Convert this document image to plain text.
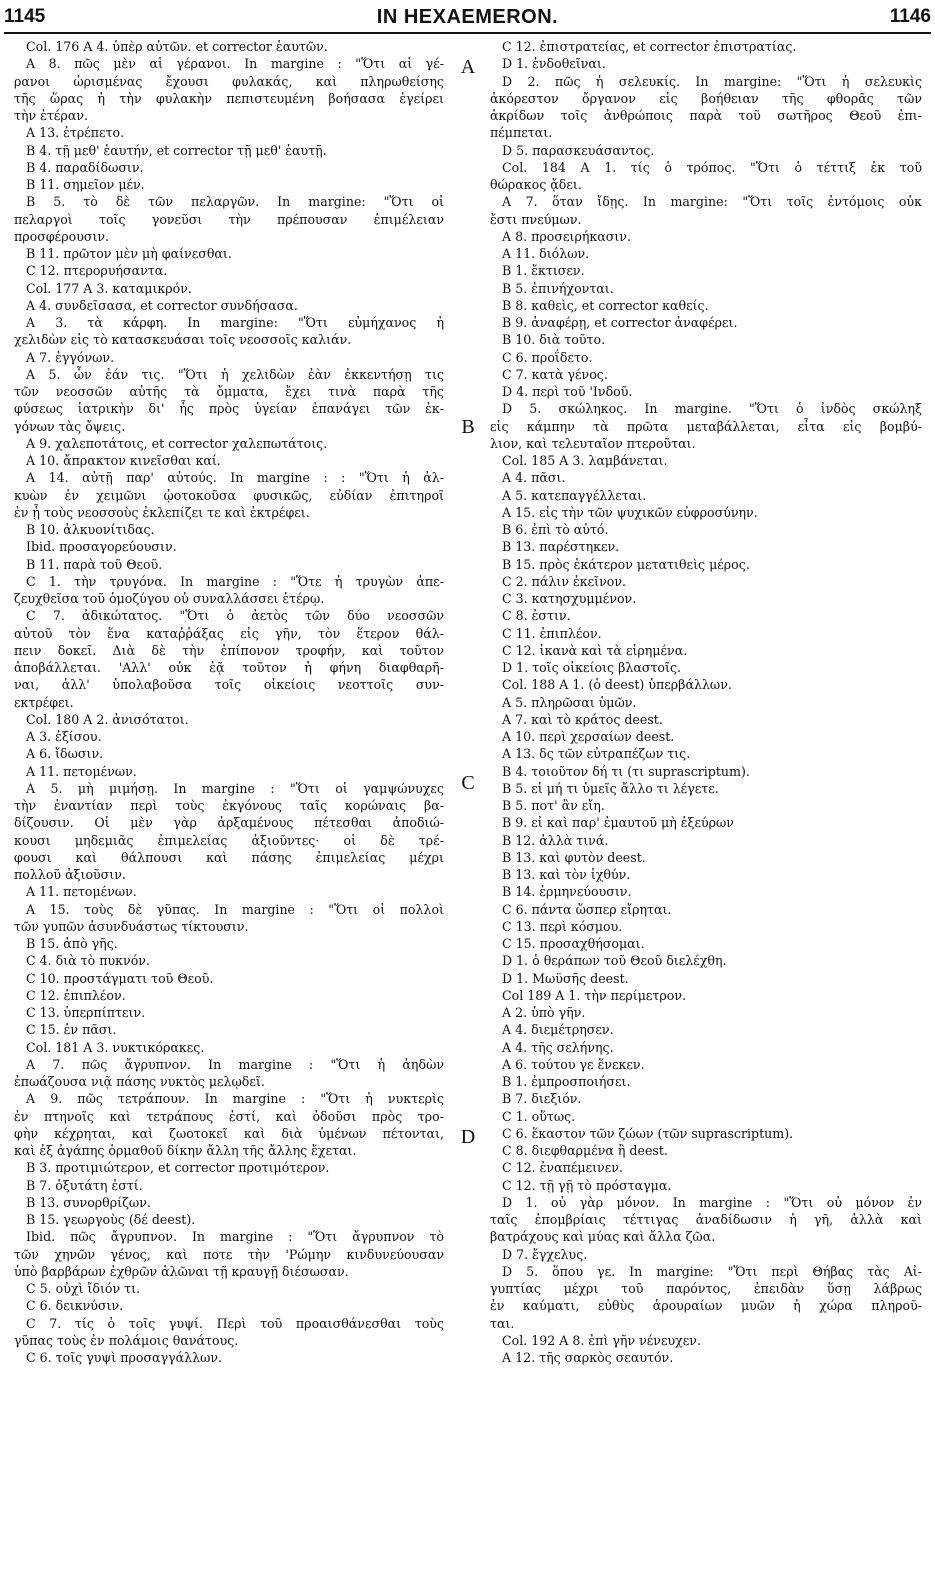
1145	IN HEXAEMERON.	1146
Col. 176 A 4. ὑπὲρ αὐτῶν. et corrector ἑαυτῶν.
A 8. πῶς μὲν αἱ γέρανοι. In margine : "Ὅτι αἱ γέ-
ρανοι ὡρισμένας ἔχουσι φυλακάς, καὶ πληρωθείσης
τῆς ὥρας ἡ τὴν φυλακὴν πεπιστευμένη βοήσασα ἐγείρει
τὴν ἑτέραν.
A 13. ἐτρέπετο.
B 4. τῇ μεθ' ἑαυτήν, et corrector τῇ μεθ' ἑαυτῇ.
B 4. παραδίδωσιν.
B 11. σημεῖον μέν.
B 5. τὸ δὲ τῶν πελαργῶν. In margine: "Ὅτι οἱ
πελαργοὶ τοῖς γονεῦσι τὴν πρέπουσαν ἐπιμέλειαν
προσφέρουσιν.
B 11. πρῶτον μὲν μὴ φαίνεσθαι.
C 12. πτερορυήσαντα.
Col. 177 A 3. καταμικρόν.
A 4. συνδεῖσασα, et corrector συνδήσασα.
A 3. τὰ κάρφη. In margine: "Ὅτι εὐμήχανος ἡ
χελιδὼν εἰς τὸ κατασκευάσαι τοῖς νεοσσοῖς καλιάν.
A 7. ἐγγόνων.
A 5. ὧν ἐάν τις. "Ὅτι ἡ χελιδὼν ἐὰν ἐκκεντήσῃ τις
τῶν νεοσσῶν αὐτῆς τὰ ὄμματα, ἔχει τινὰ παρὰ τῆς
φύσεως ἰατρικὴν δι' ἧς πρὸς ὑγείαν ἐπανάγει τῶν ἐκ-
γόνων τὰς ὄψεις.
A 9. χαλεποτάτοις, et corrector χαλεπωτάτοις.
A 10. ἄπρακτον κινεῖσθαι καί.
A 14. αὐτῇ παρ' αὐτούς. In margine : : "Ὅτι ἡ ἀλ-
κυὼν ἐν χειμῶνι ᾠοτοκοῦσα φυσικῶς, εὐδίαν ἐπιτηροῖ
ἐν ᾗ τοὺς νεοσσοὺς ἐκλεπίζει τε καὶ ἐκτρέφει.
B 10. ἀλκυονίτιδας.
Ibid. προσαγορεύουσιν.
B 11. παρὰ τοῦ Θεοῦ.
C 1. τὴν τρυγόνα. In margine : "Ὅτε ἡ τρυγὼν ἀπε-
ζευχθεῖσα τοῦ ὁμοζύγου οὐ συναλλάσσει ἑτέρῳ.
C 7. ἀδικώτατος. "Ὅτι ὁ ἀετὸς τῶν δύο νεοσσῶν
αὐτοῦ τὸν ἕνα καταῤῥάξας εἰς γῆν, τὸν ἕτερον θάλ-
πειν δοκεῖ. Διὰ δὲ τὴν ἐπίπονον τροφήν, καὶ τοῦτον
ἀποβάλλεται. 'Αλλ' οὐκ ἐᾷ τοῦτον ἡ φήνη διαφθαρῆ-
ναι, ἀλλ' ὑπολαβοῦσα τοῖς οἰκείοις νεοττοῖς συν-
εκτρέφει.
Col. 180 A 2. ἀνισότατοι.
A 3. ἐξίσου.
A 6. ἴδωσιν.
A 11. πετομένων.
A 5. μὴ μιμήσῃ. In margine : "Ὅτι οἱ γαμψώνυχες
τὴν ἐναντίαν περὶ τοὺς ἐκγόνους ταῖς κορώναις βα-
δίζουσιν. Οἱ μὲν γὰρ ἀρξαμένους πέτεσθαι ἀποδιώ-
κουσι μηδεμιᾶς ἐπιμελείας ἀξιοῦντες· οἱ δὲ τρέ-
φουσι καὶ θάλπουσι καὶ πάσης ἐπιμελείας μέχρι
πολλοῦ ἀξιοῦσιν.
A 11. πετομένων.
A 15. τοὺς δὲ γῦπας. In margine : "Ὅτι οἱ πολλοὶ
τῶν γυπῶν ἀσυνδυάστως τίκτουσιν.
B 15. ἀπὸ γῆς.
C 4. διὰ τὸ πυκνόν.
C 10. προστάγματι τοῦ Θεοῦ.
C 12. ἐπιπλέον.
C 13. ὑπερπίπτειν.
C 15. ἐν πᾶσι.
Col. 181 A 3. νυκτικόρακες.
A 7. πῶς ἄγρυπνον. In margine : "Ὅτι ἡ ἀηδὼν
ἐπωάζουσα νιᾷ πάσης νυκτὸς μελῳδεῖ.
A 9. πῶς τετράπουν. In margine : "Ὅτι ἡ νυκτερὶς
ἐν πτηνοῖς καὶ τετράπους ἐστί, καὶ ὀδοῦσι πρὸς τρο-
φὴν κέχρηται, καὶ ζωοτοκεῖ καὶ διὰ ὑμένων πέτονται,
καὶ ἐξ ἀγάπης ὁρμαθοῦ δίκην ἄλλη τῆς ἄλλης ἔχεται.
B 3. προτιμιώτερον, et corrector προτιμότερον.
B 7. ὀξυτάτη ἐστί.
B 13. συνορθρίζων.
B 15. γεωργοὺς (δέ deest).
Ibid. πῶς ἄγρυπνον. In margine : "Ὅτι ἄγρυπνον τὸ
τῶν χηνῶν γένος, καὶ ποτε τὴν 'Ρώμην κινδυνεύουσαν
ὑπὸ βαρβάρων ἐχθρῶν ἁλῶναι τῇ κραυγῇ διέσωσαν.
C 5. οὐχὶ ἴδιόν τι.
C 6. δεικνύσιν.
C 7. τίς ὁ τοῖς γυψί. Περὶ τοῦ προαισθάνεσθαι τοὺς
γῦπας τοὺς ἐν πολάμοις θανάτους.
C 6. τοῖς γυψὶ προσαγγάλλων.
C 12. ἐπιστρατείας, et corrector ἐπιστρατίας.
D 1. ἐνδοθεῖναι.
D 2. πῶς ἡ σελευκίς. In margine: "Ὅτι ἡ σελευκὶς
ἀκόρεστον ὄργανον εἰς βοήθειαν τῆς φθορᾶς τῶν
ἀκρίδων τοῖς ἀνθρώποις παρὰ τοῦ σωτῆρος Θεοῦ ἐπι-
πέμπεται.
D 5. παρασκευάσαντος.
Col. 184 A 1. τίς ὁ τρόπος. "Ὅτι ὁ τέττιξ ἐκ τοῦ
θώρακος ᾄδει.
A 7. ὅταν ἴδῃς. In margine: "Ὅτι τοῖς ἐντόμοις οὐκ
ἔστι πνεύμων.
A 8. προσειρήκασιν.
A 11. διόλων.
B 1. ἔκτισεν.
B 5. ἐπινήχονται.
B 8. καθεὶς, et corrector καθείς.
B 9. ἀναφέρῃ, et corrector ἀναφέρει.
B 10. διὰ τοῦτο.
C 6. προΐδετο.
C 7. κατὰ γένος.
D 4. περὶ τοῦ 'Ινδοῦ.
D 5. σκώληκος. In margine. "Ὅτι ὁ ἰνδὸς σκώληξ
εἰς κάμπην τὰ πρῶτα μεταβάλλεται, εἶτα εἰς βομβύ-
λιον, καὶ τελευταῖον πτεροῦται.
Col. 185 A 3. λαμβάνεται.
A 4. πᾶσι.
A 5. κατεπαγγέλλεται.
A 15. εἰς τὴν τῶν ψυχικῶν εὐφροσύνην.
B 6. ἐπὶ τὸ αὐτό.
B 13. παρέστηκεν.
B 15. πρὸς ἑκάτερον μετατιθεὶς μέρος.
C 2. πάλιν ἐκεῖνον.
C 3. κατησχυμμένον.
C 8. ἐστιν.
C 11. ἐπιπλέον.
C 12. ἱκανὰ καὶ τὰ εἰρημένα.
D 1. τοῖς οἰκείοις βλαστοῖς.
Col. 188 A 1. (ὁ deest) ὑπερβάλλων.
A 5. πληρῶσαι ὑμῶν.
A 7. καὶ τὸ κράτος deest.
A 10. περὶ χερσαίων deest.
A 13. δς τῶν εὐτραπέζων τις.
B 4. τοιοῦτον δή τι (τι suprascriptum).
B 5. εἰ μή τι ὑμεῖς ἄλλο τι λέγετε.
B 5. ποτ' ἂν εἴη.
B 9. εἰ καὶ παρ' ἐμαυτοῦ μὴ ἐξεύρων
B 12. ἀλλὰ τινά.
B 13. καὶ φυτὸν deest.
B 13. καὶ τὸν ἰχθύν.
B 14. ἑρμηνεύουσιν.
C 6. πάντα ὥσπερ εἴρηται.
C 13. περὶ κόσμου.
C 15. προσαχθήσομαι.
D 1. ὁ θεράπων τοῦ Θεοῦ διελέχθη.
D 1. Μωϋσῆς deest.
Col 189 A 1. τὴν περίμετρον.
A 2. ὑπὸ γῆν.
A 4. διεμέτρησεν.
A 4. τῆς σελήνης.
A 6. τούτου γε ἕνεκεν.
B 1. ἐμπροσποιήσει.
B 7. διεξιόν.
C 1. οὕτως.
C 6. ἕκαστον τῶν ζώων (τῶν suprascriptum).
C 8. διεφθαρμένα ἢ deest.
C 12. ἐναπέμεινεν.
C 12. τῇ γῇ τὸ πρόσταγμα.
D 1. οὐ γὰρ μόνον. In margine : "Ὅτι οὐ μόνον ἐν
ταῖς ἐπομβρίαις τέττιγας ἀναδίδωσιν ἡ γῆ, ἀλλὰ καὶ
βατράχους καὶ μύας καὶ ἄλλα ζῶα.
D 7. ἔγχελυς.
D 5. ὅπου γε. In margine: "Ὅτι περὶ Θήβας τὰς Αἰ-
γυπτίας μέχρι τοῦ παρόντος, ἐπειδὰν ὕσῃ λάβρως
ἐν καύματι, εὐθὺς ἀρουραίων μυῶν ἡ χώρα πληροῦ-
ται.
Col. 192 A 8. ἐπὶ γῆν νένευχεν.
A 12. τῆς σαρκὸς σεαυτόν.
A
B
C
D
